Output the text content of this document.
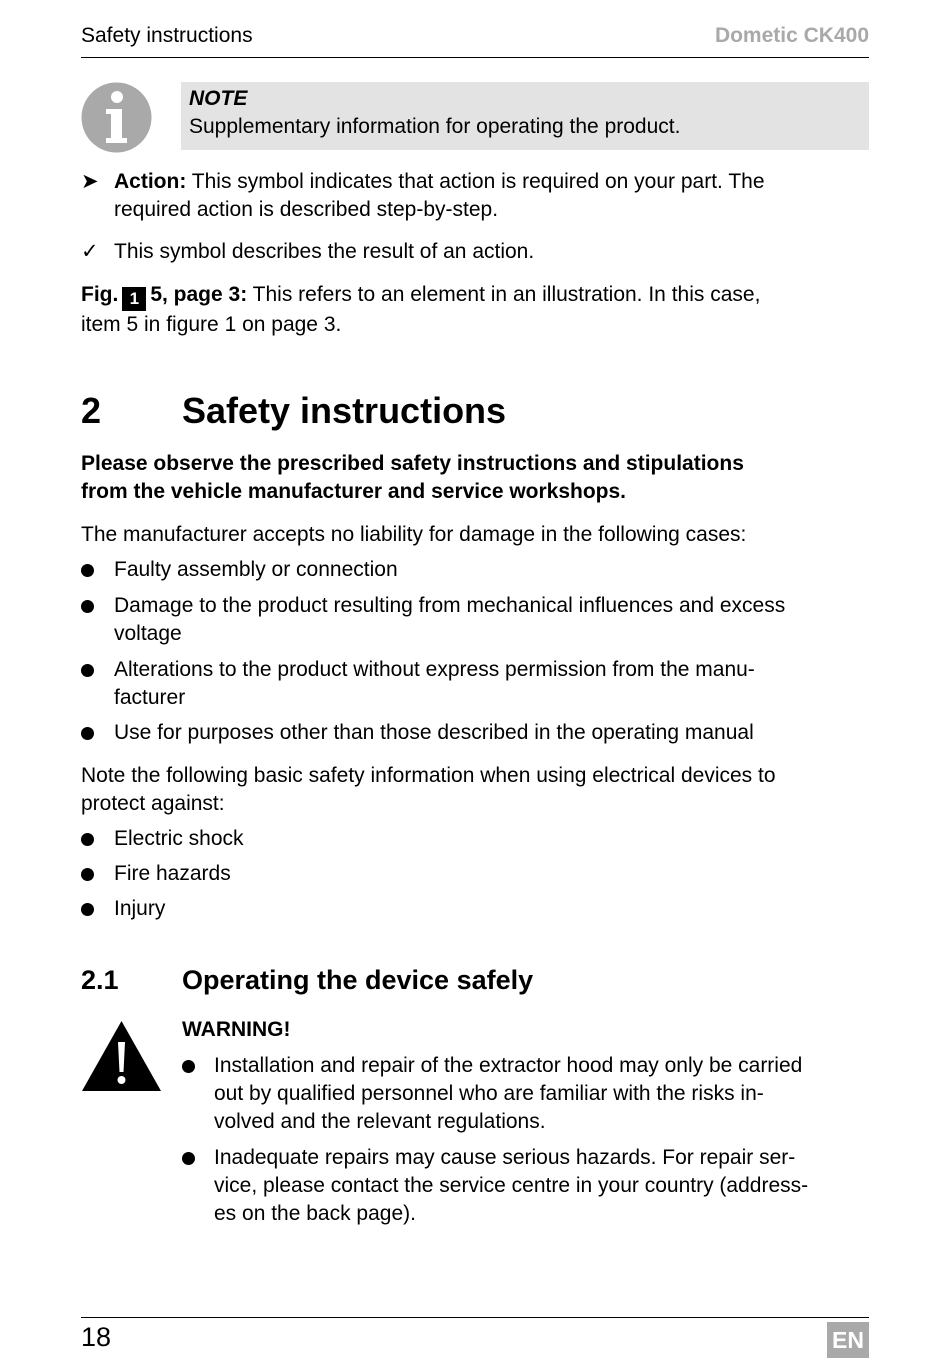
Safety instructions	Dometic CK400
NOTE
Supplementary information for operating the product.
➤ Action: This symbol indicates that action is required on your part. The
required action is described step-by-step.
✓ This symbol describes the result of an action.
Fig. 1 5, page 3: This refers to an element in an illustration. In this case,
item 5 in figure 1 on page 3.
2 Safety instructions
Please observe the prescribed safety instructions and stipulations
from the vehicle manufacturer and service workshops.
The manufacturer accepts no liability for damage in the following cases:
Faulty assembly or connection
Damage to the product resulting from mechanical influences and excess
voltage
Alterations to the product without express permission from the manu-
facturer
Use for purposes other than those described in the operating manual
Note the following basic safety information when using electrical devices to
protect against:
Electric shock
Fire hazards
Injury
2.1 Operating the device safely
WARNING!
Installation and repair of the extractor hood may only be carried
out by qualified personnel who are familiar with the risks in-
volved and the relevant regulations.
Inadequate repairs may cause serious hazards. For repair ser-
vice, please contact the service centre in your country (address-
es on the back page).
18	EN
